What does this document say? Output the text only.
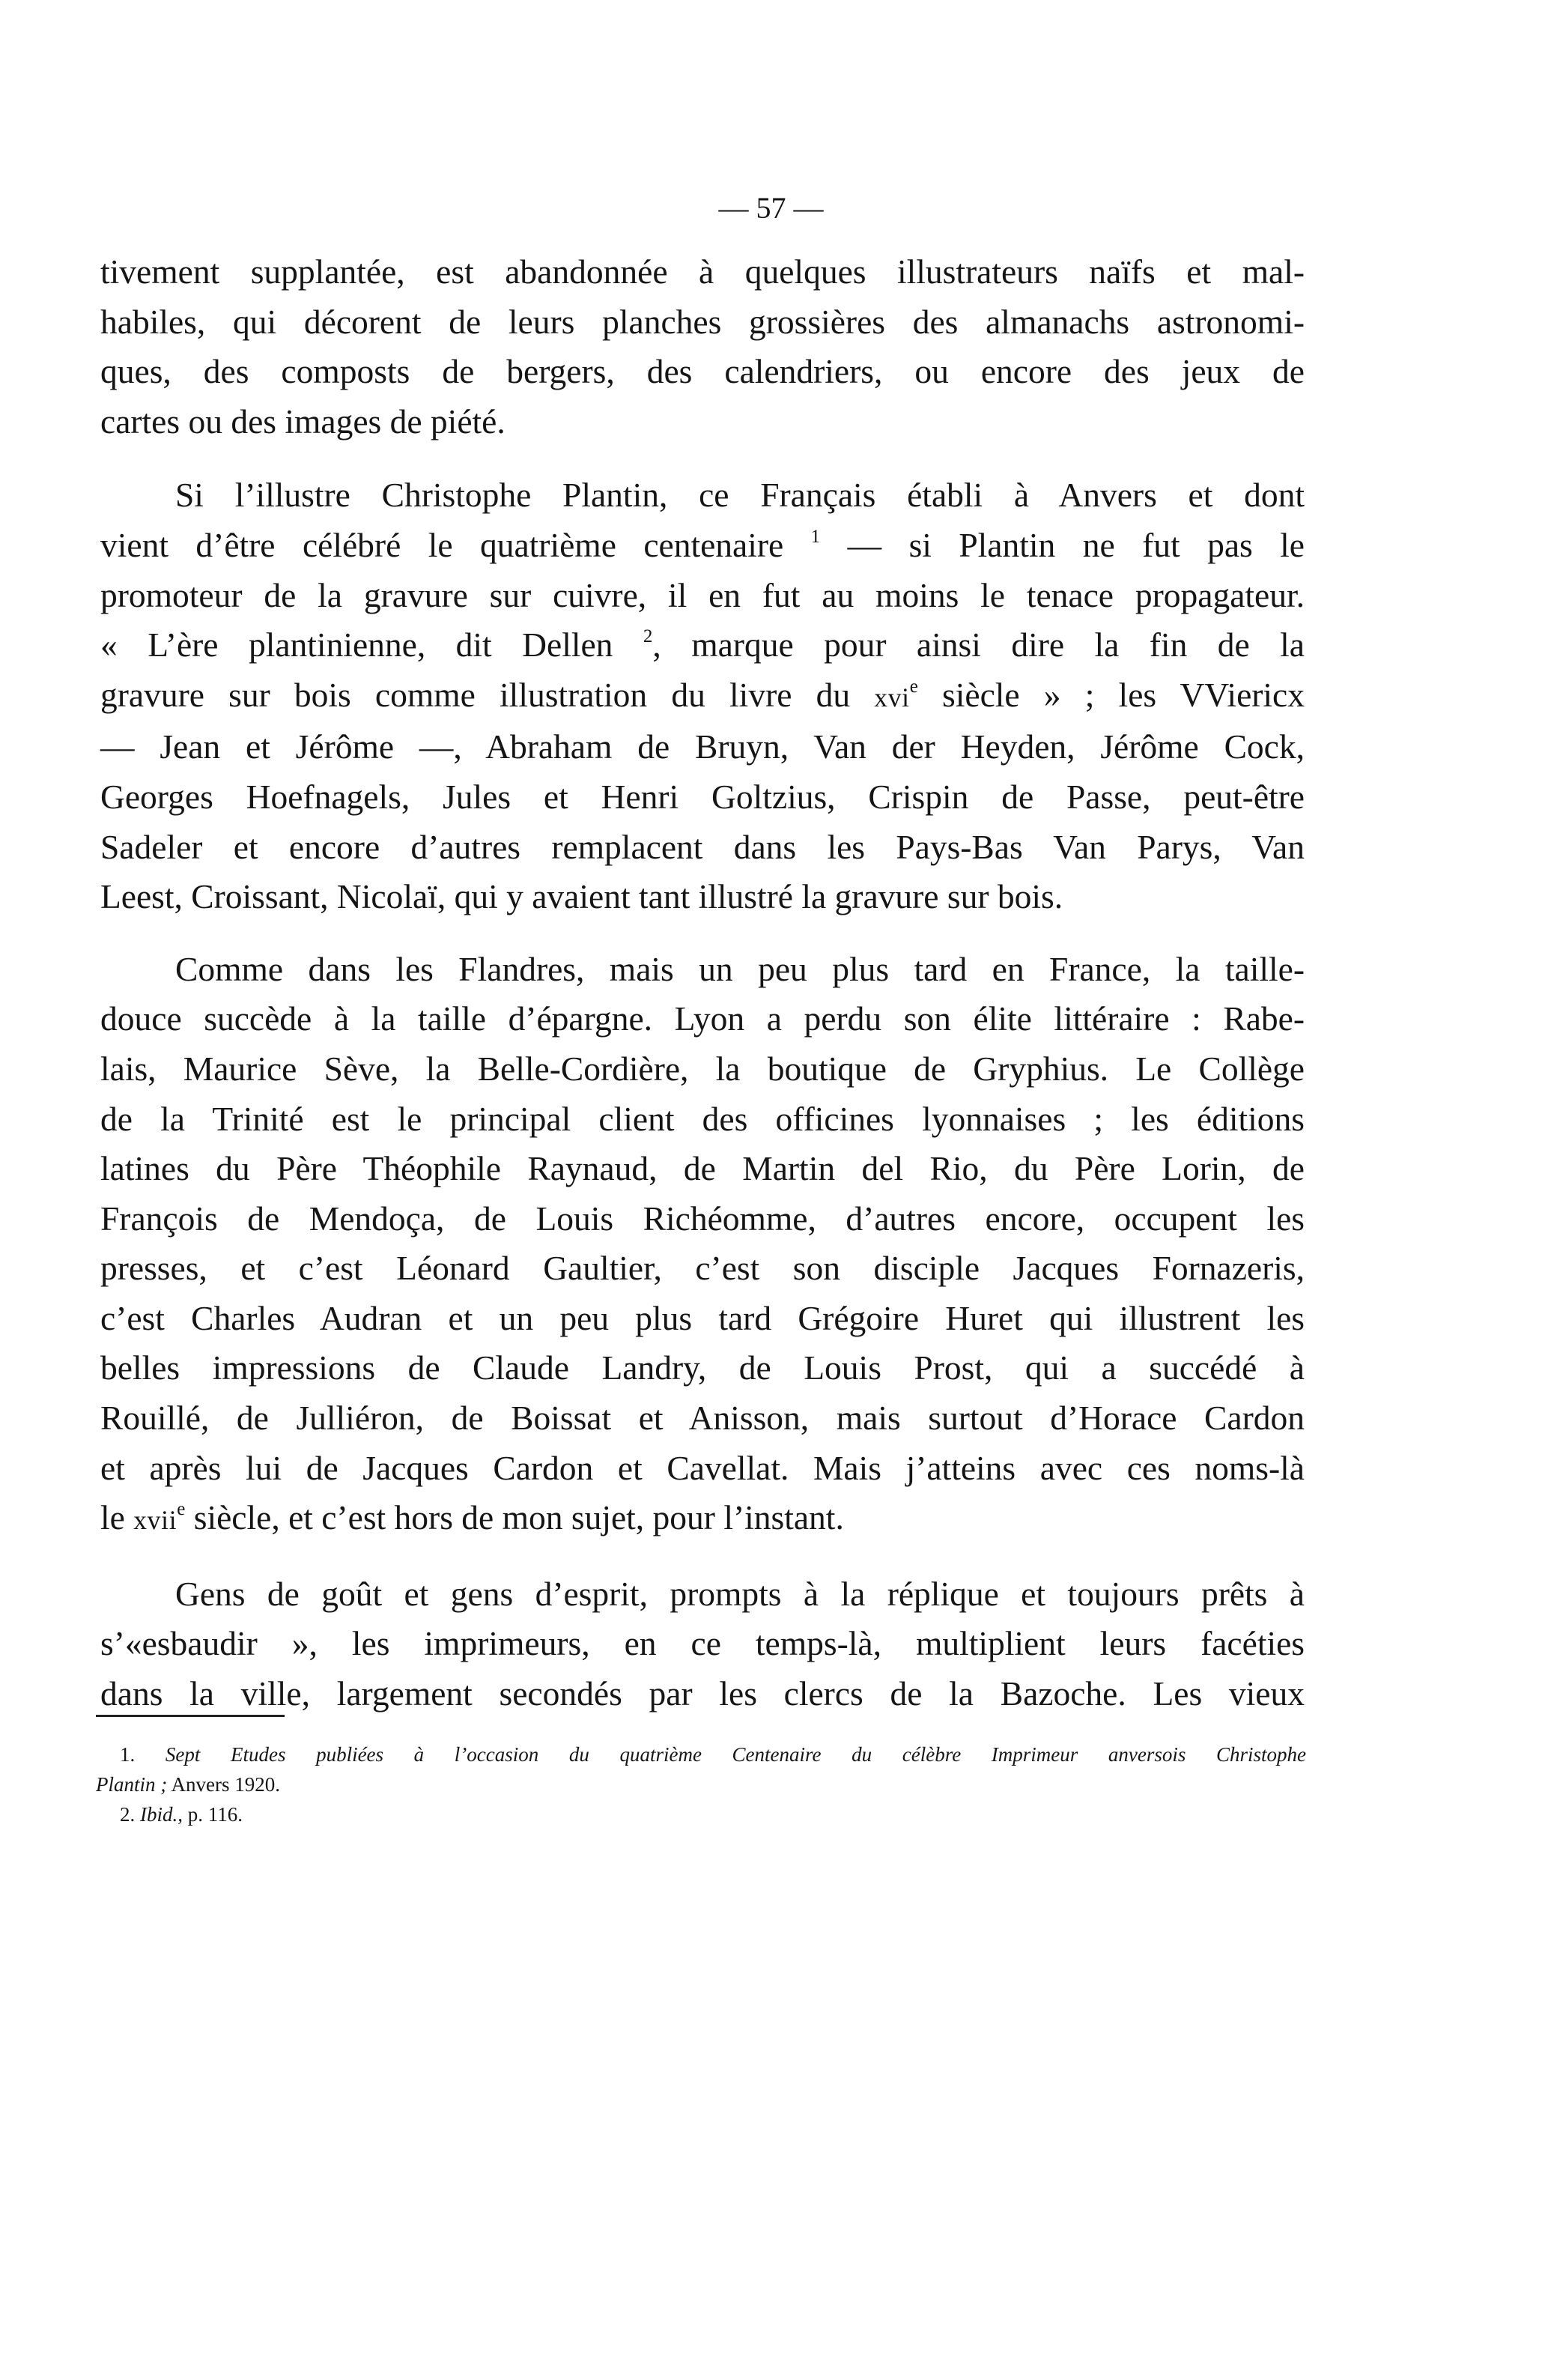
— 57 —

tivement supplantée, est abandonnée à quelques illustrateurs naïfs et mal-
habiles, qui décorent de leurs planches grossières des almanachs astronomi-
ques, des composts de bergers, des calendriers, ou encore des jeux de
cartes ou des images de piété.

Si l’illustre Christophe Plantin, ce Français établi à Anvers et dont
vient d’être célébré le quatrième centenaire $^1$ — si Plantin ne fut pas le
promoteur de la gravure sur cuivre, il en fut au moins le tenace propagateur.
« L’ère plantinienne, dit Dellen $^2$, marque pour ainsi dire la fin de la
gravure sur bois comme illustration du livre du xvi$^e$ siècle » ; les VViericx
— Jean et Jérôme —, Abraham de Bruyn, Van der Heyden, Jérôme Cock,
Georges Hoefnagels, Jules et Henri Goltzius, Crispin de Passe, peut-être
Sadeler et encore d’autres remplacent dans les Pays-Bas Van Parys, Van
Leest, Croissant, Nicolaï, qui y avaient tant illustré la gravure sur bois.

Comme dans les Flandres, mais un peu plus tard en France, la taille-
douce succède à la taille d’épargne. Lyon a perdu son élite littéraire : Rabe-
lais, Maurice Sève, la Belle-Cordière, la boutique de Gryphius. Le Collège
de la Trinité est le principal client des officines lyonnaises ; les éditions
latines du Père Théophile Raynaud, de Martin del Rio, du Père Lorin, de
François de Mendoça, de Louis Richéomme, d’autres encore, occupent les
presses, et c’est Léonard Gaultier, c’est son disciple Jacques Fornazeris,
c’est Charles Audran et un peu plus tard Grégoire Huret qui illustrent les
belles impressions de Claude Landry, de Louis Prost, qui a succédé à
Rouillé, de Julliéron, de Boissat et Anisson, mais surtout d’Horace Cardon
et après lui de Jacques Cardon et Cavellat. Mais j’atteins avec ces noms-là
le xvii$^e$ siècle, et c’est hors de mon sujet, pour l’instant.

Gens de goût et gens d’esprit, prompts à la réplique et toujours prêts à
s’«esbaudir », les imprimeurs, en ce temps-là, multiplient leurs facéties
dans la ville, largement secondés par les clercs de la Bazoche. Les vieux

1. Sept Etudes publiées à l’occasion du quatrième Centenaire du célèbre Imprimeur anversois Christophe
Plantin ; Anvers 1920.
2. Ibid., p. 116.
